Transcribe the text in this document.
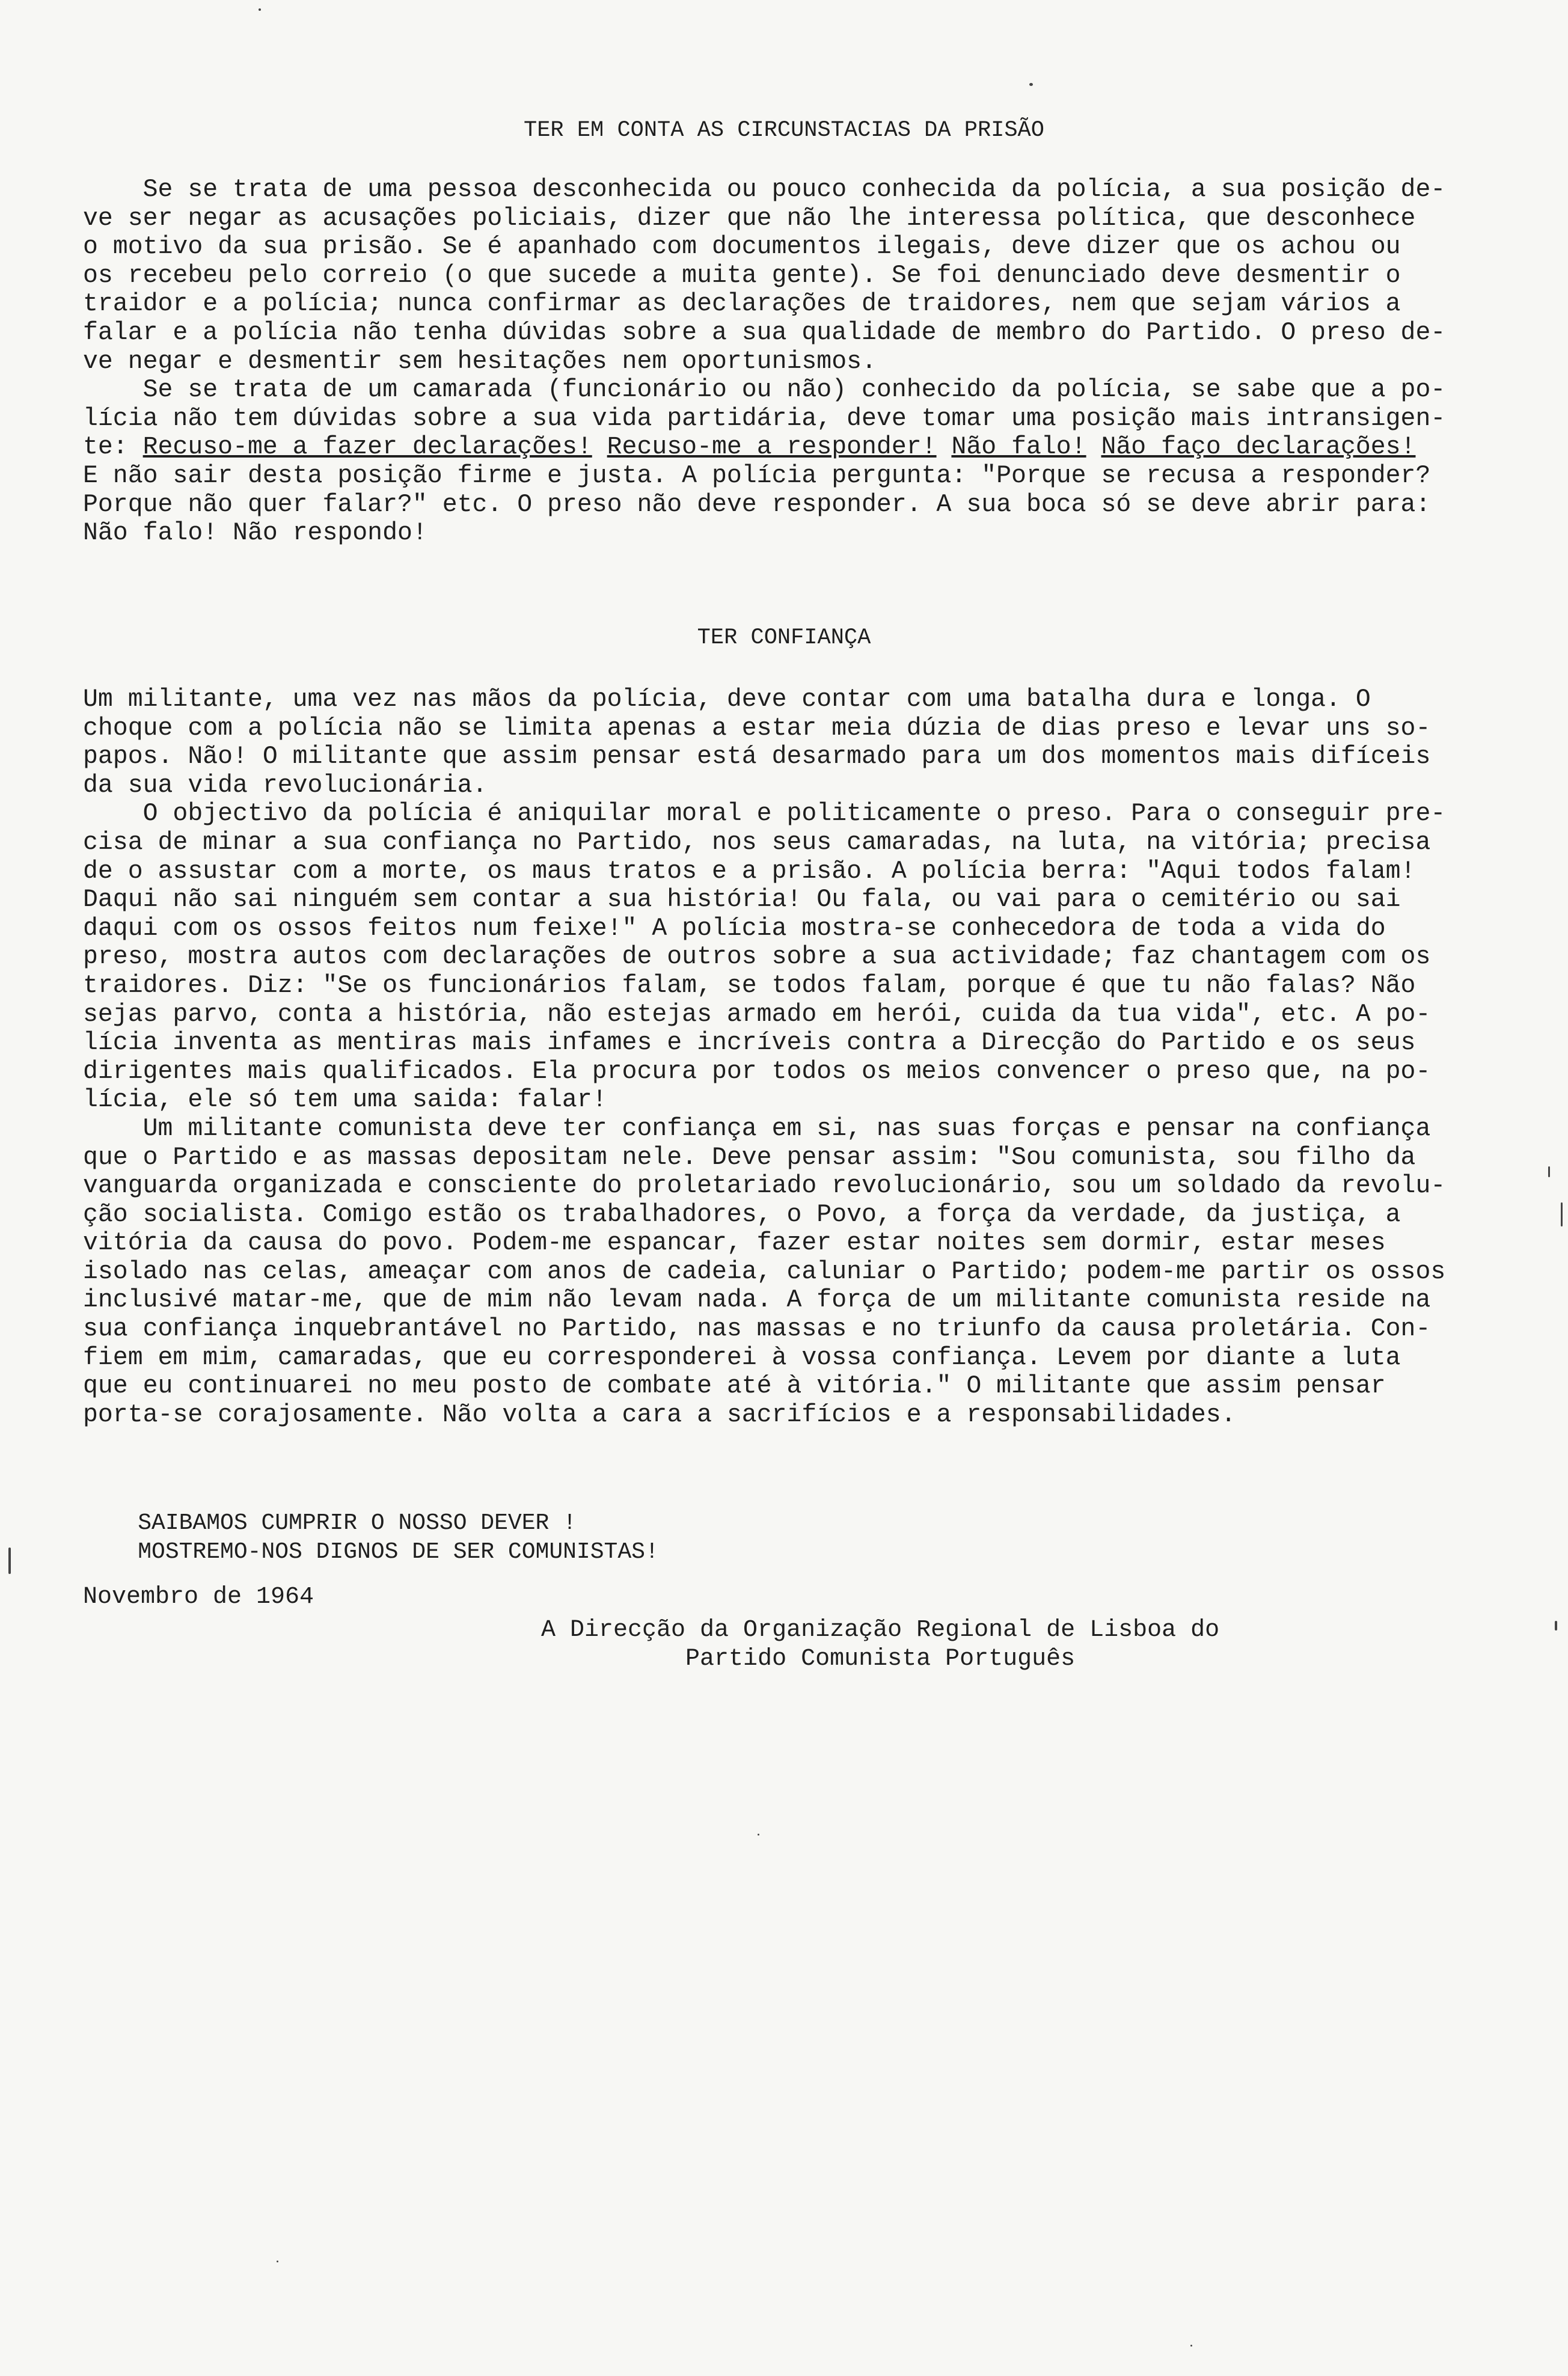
TER EM CONTA AS CIRCUNSTACIAS DA PRISÃO
Se se trata de uma pessoa desconhecida ou pouco conhecida da polícia, a sua posição de-
ve ser negar as acusações policiais, dizer que não lhe interessa política, que desconhece
o motivo da sua prisão. Se é apanhado com documentos ilegais, deve dizer que os achou ou
os recebeu pelo correio (o que sucede a muita gente). Se foi denunciado deve desmentir o
traidor e a polícia; nunca confirmar as declarações de traidores, nem que sejam vários a
falar e a polícia não tenha dúvidas sobre a sua qualidade de membro do Partido. O preso de-
ve negar e desmentir sem hesitações nem oportunismos.
Se se trata de um camarada (funcionário ou não) conhecido da polícia, se sabe que a po-
lícia não tem dúvidas sobre a sua vida partidária, deve tomar uma posição mais intransigen-
te: Recuso-me a fazer declarações! Recuso-me a responder! Não falo! Não faço declarações!
E não sair desta posição firme e justa. A polícia pergunta: "Porque se recusa a responder?
Porque não quer falar?" etc. O preso não deve responder. A sua boca só se deve abrir para:
Não falo! Não respondo!
TER CONFIANÇA
Um militante, uma vez nas mãos da polícia, deve contar com uma batalha dura e longa. O
choque com a polícia não se limita apenas a estar meia dúzia de dias preso e levar uns so-
papos. Não! O militante que assim pensar está desarmado para um dos momentos mais difíceis
da sua vida revolucionária.
O objectivo da polícia é aniquilar moral e politicamente o preso. Para o conseguir pre-
cisa de minar a sua confiança no Partido, nos seus camaradas, na luta, na vitória; precisa
de o assustar com a morte, os maus tratos e a prisão. A polícia berra: "Aqui todos falam!
Daqui não sai ninguém sem contar a sua história! Ou fala, ou vai para o cemitério ou sai
daqui com os ossos feitos num feixe!" A polícia mostra-se conhecedora de toda a vida do
preso, mostra autos com declarações de outros sobre a sua actividade; faz chantagem com os
traidores. Diz: "Se os funcionários falam, se todos falam, porque é que tu não falas? Não
sejas parvo, conta a história, não estejas armado em herói, cuida da tua vida", etc. A po-
lícia inventa as mentiras mais infames e incríveis contra a Direcção do Partido e os seus
dirigentes mais qualificados. Ela procura por todos os meios convencer o preso que, na po-
lícia, ele só tem uma saida: falar!
Um militante comunista deve ter confiança em si, nas suas forças e pensar na confiança
que o Partido e as massas depositam nele. Deve pensar assim: "Sou comunista, sou filho da
vanguarda organizada e consciente do proletariado revolucionário, sou um soldado da revolu-
ção socialista. Comigo estão os trabalhadores, o Povo, a força da verdade, da justiça, a
vitória da causa do povo. Podem-me espancar, fazer estar noites sem dormir, estar meses
isolado nas celas, ameaçar com anos de cadeia, caluniar o Partido; podem-me partir os ossos
inclusivé matar-me, que de mim não levam nada. A força de um militante comunista reside na
sua confiança inquebrantável no Partido, nas massas e no triunfo da causa proletária. Con-
fiem em mim, camaradas, que eu corresponderei à vossa confiança. Levem por diante a luta
que eu continuarei no meu posto de combate até à vitória." O militante que assim pensar
porta-se corajosamente. Não volta a cara a sacrifícios e a responsabilidades.
SAIBAMOS CUMPRIR O NOSSO DEVER !
MOSTREMO-NOS DIGNOS DE SER COMUNISTAS!
Novembro de 1964
A Direcção da Organização Regional de Lisboa do
Partido Comunista Português
